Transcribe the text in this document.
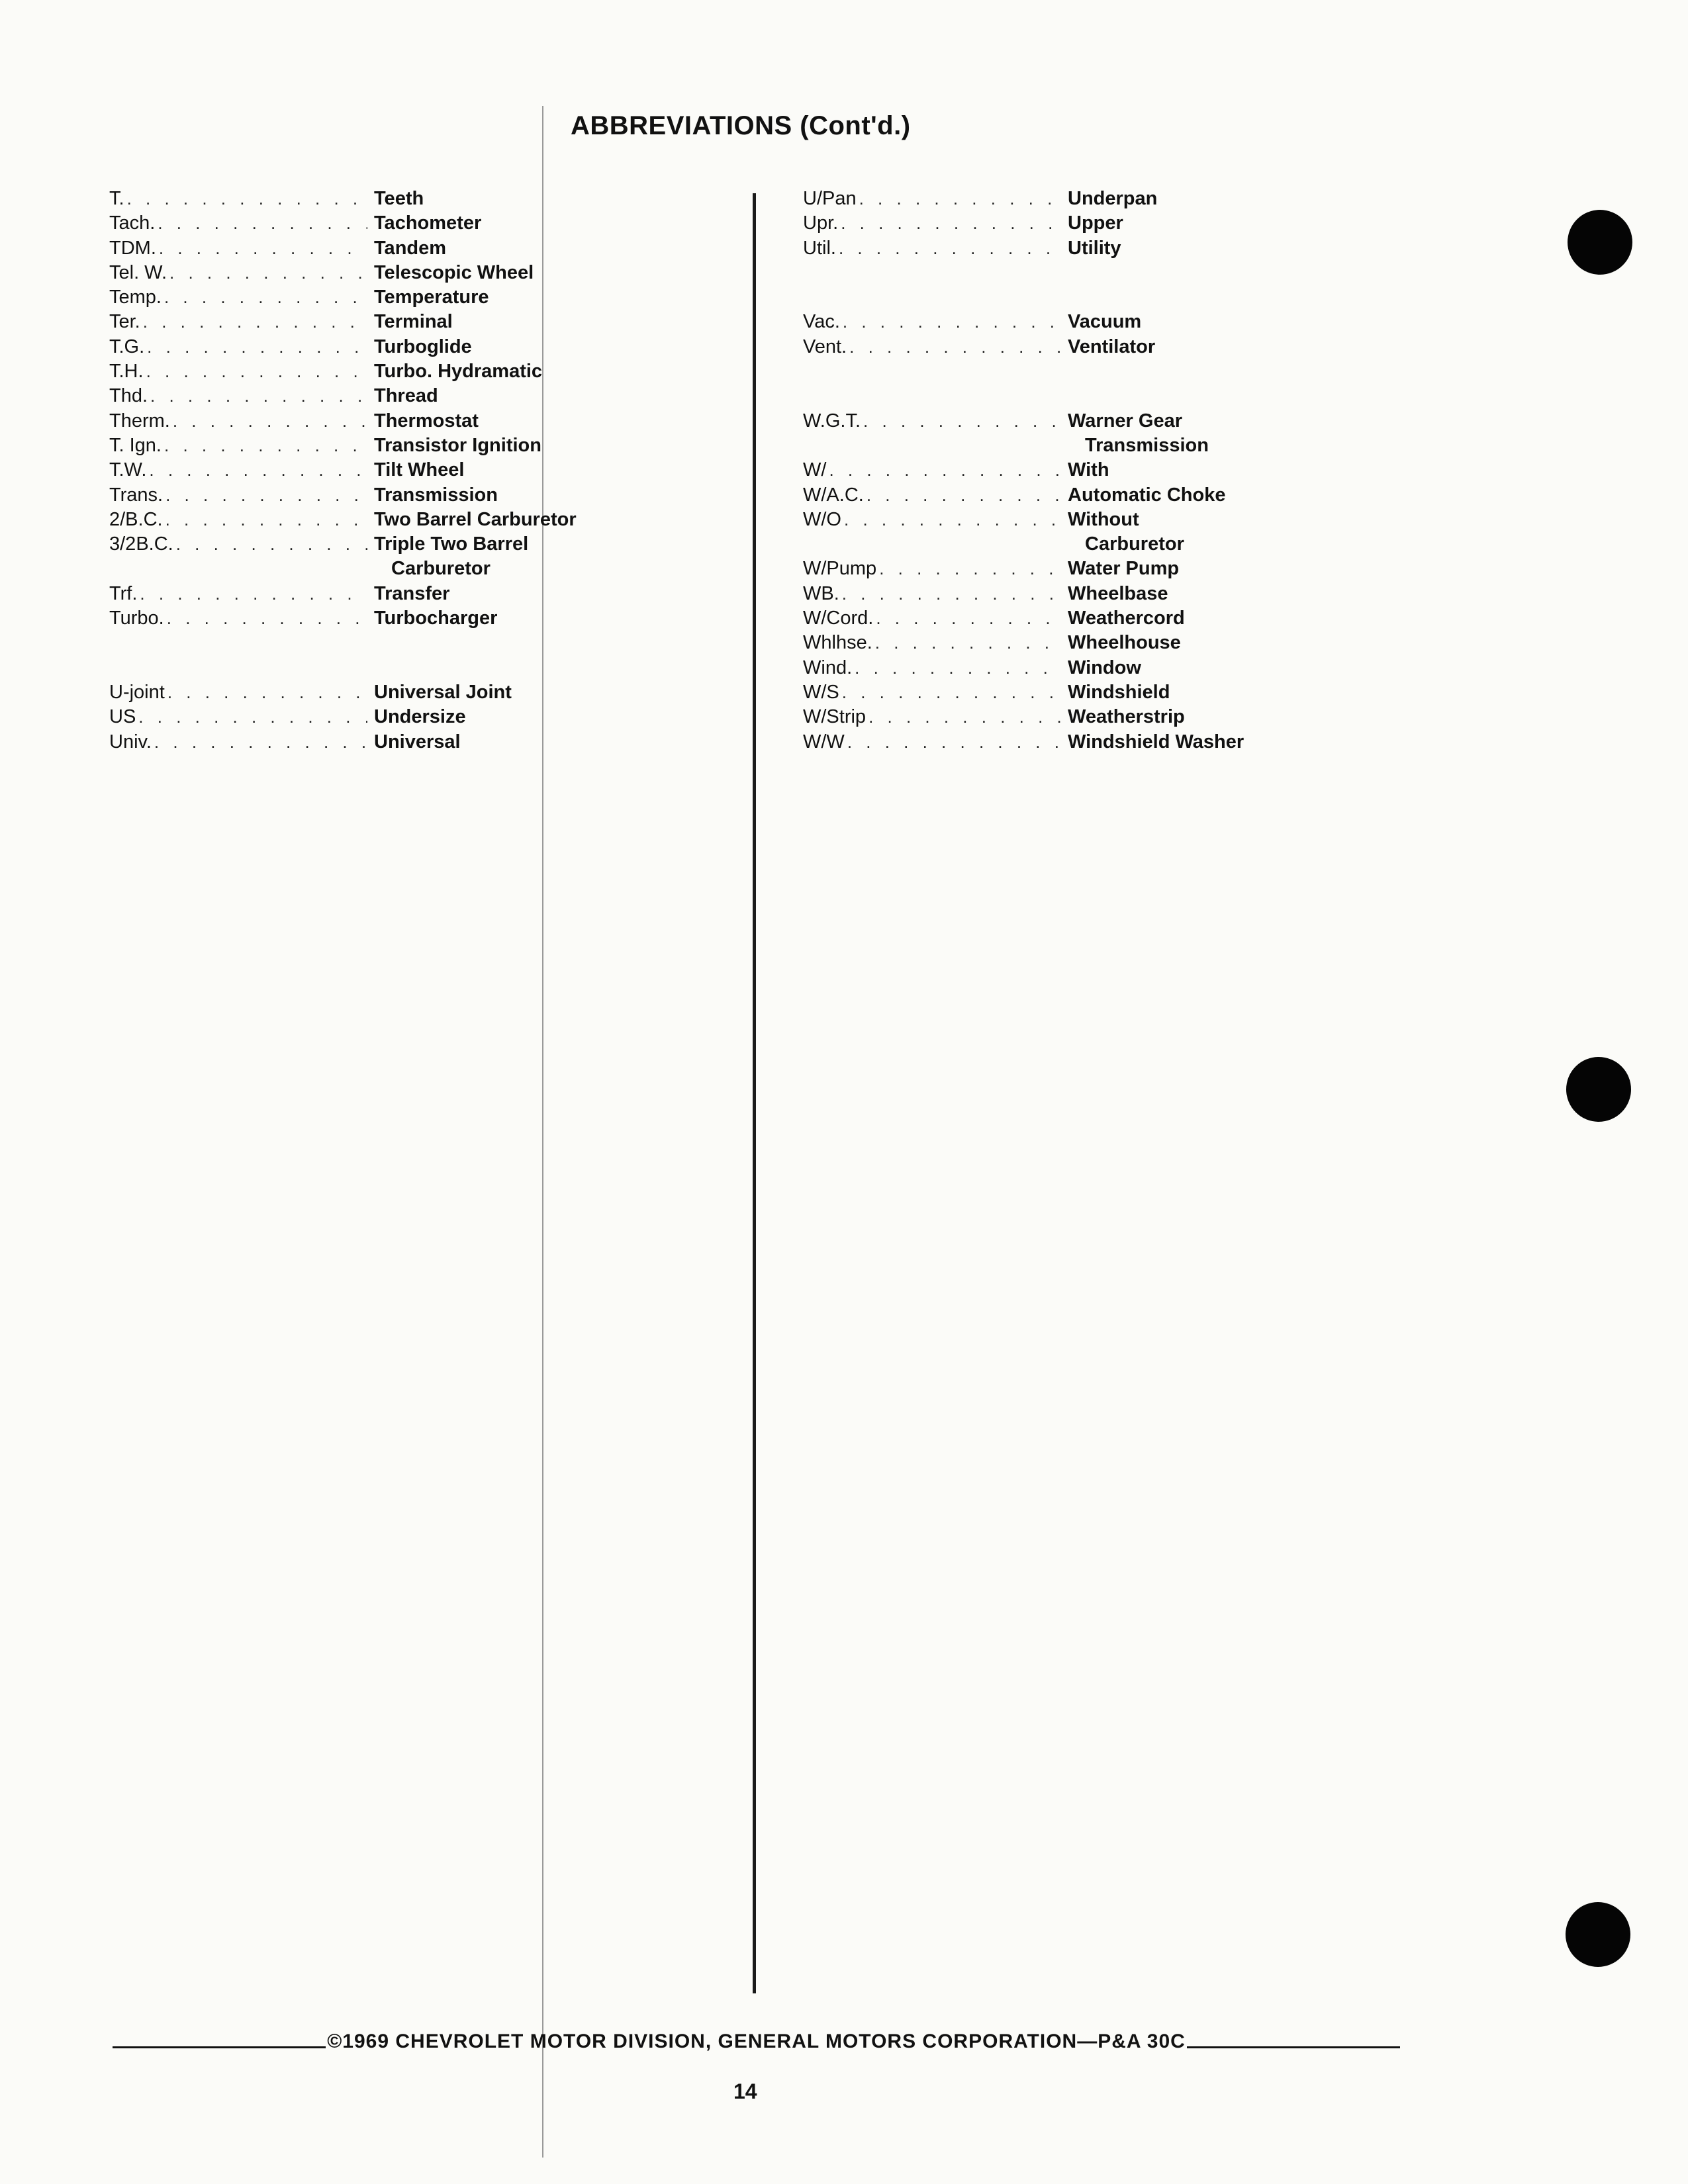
ABBREVIATIONS (Cont'd.)
T. . . .	Teeth
Tach. . . .	Tachometer
TDM. . . .	Tandem
Tel. W. . . .	Telescopic Wheel
Temp. . . .	Temperature
Ter. . . .	Terminal
T.G. . . .	Turboglide
T.H. . . .	Turbo. Hydramatic
Thd. . . .	Thread
Therm. . . .	Thermostat
T. Ign. . . .	Transistor Ignition
T.W. . . .	Tilt Wheel
Trans. . . .	Transmission
2/B.C. . . .	Two Barrel Carburetor
3/2B.C. . . .	Triple Two Barrel
Carburetor
Trf. . . .	Transfer
Turbo. . . .	Turbocharger
U-joint . . .	Universal Joint
US . . .	Undersize
Univ. . . .	Universal
U/Pan . . .	Underpan
Upr. . . .	Upper
Util. . . .	Utility
Vac. . . .	Vacuum
Vent. . . .	Ventilator
W.G.T. . . .	Warner Gear
Transmission
W/ . . .	With
W/A.C. . . .	Automatic Choke
W/O . . .	Without
Carburetor
W/Pump . . .	Water Pump
WB. . . .	Wheelbase
W/Cord. . . .	Weathercord
Whlhse. . . .	Wheelhouse
Wind. . . .	Window
W/S . . .	Windshield
W/Strip . . .	Weatherstrip
W/W . . .	Windshield Washer
©1969 CHEVROLET MOTOR DIVISION, GENERAL MOTORS CORPORATION—P&A 30C
14
